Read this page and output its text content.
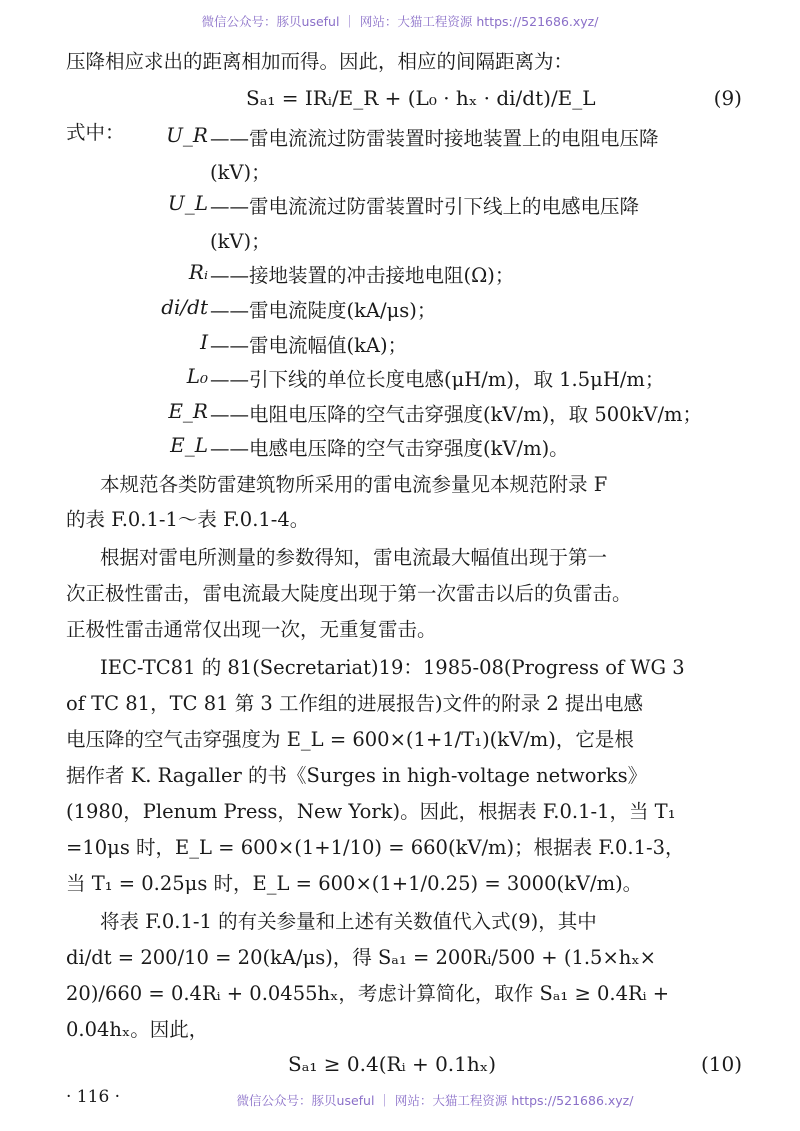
微信公众号：豚贝useful ｜ 网站：大猫工程资源 https://521686.xyz/
压降相应求出的距离相加而得。因此，相应的间隔距离为：
Sₐ₁ = IRᵢ/E_R + (L₀ · hₓ · di/dt)/E_L	(9)
式中：	U_R ——雷电流流过防雷装置时接地装置上的电阻电压降
(kV)；
U_L ——雷电流流过防雷装置时引下线上的电感电压降
(kV)；
Rᵢ ——接地装置的冲击接地电阻(Ω)；
di/dt ——雷电流陡度(kA/μs)；
I ——雷电流幅值(kA)；
L₀ ——引下线的单位长度电感(μH/m)，取 1.5μH/m；
E_R ——电阻电压降的空气击穿强度(kV/m)，取 500kV/m；
E_L ——电感电压降的空气击穿强度(kV/m)。
本规范各类防雷建筑物所采用的雷电流参量见本规范附录 F
的表 F.0.1-1～表 F.0.1-4。
根据对雷电所测量的参数得知，雷电流最大幅值出现于第一
次正极性雷击，雷电流最大陡度出现于第一次雷击以后的负雷击。
正极性雷击通常仅出现一次，无重复雷击。
IEC-TC81 的 81(Secretariat)19：1985-08(Progress of WG 3
of TC 81，TC 81 第 3 工作组的进展报告)文件的附录 2 提出电感
电压降的空气击穿强度为 E_L = 600×(1+1/T₁)(kV/m)，它是根
据作者 K. Ragaller 的书《Surges in high-voltage networks》
(1980，Plenum Press，New York)。因此，根据表 F.0.1-1，当 T₁
=10μs 时，E_L = 600×(1+1/10) = 660(kV/m)；根据表 F.0.1-3，
当 T₁ = 0.25μs 时，E_L = 600×(1+1/0.25) = 3000(kV/m)。
将表 F.0.1-1 的有关参量和上述有关数值代入式(9)，其中
di/dt = 200/10 = 20(kA/μs)，得 Sₐ₁ = 200Rᵢ/500 + (1.5×hₓ×
20)/660 = 0.4Rᵢ + 0.0455hₓ，考虑计算简化，取作 Sₐ₁ ≥ 0.4Rᵢ +
0.04hₓ。因此，
Sₐ₁ ≥ 0.4(Rᵢ + 0.1hₓ)	(10)
· 116 ·	微信公众号：豚贝useful ｜ 网站：大猫工程资源 https://521686.xyz/
